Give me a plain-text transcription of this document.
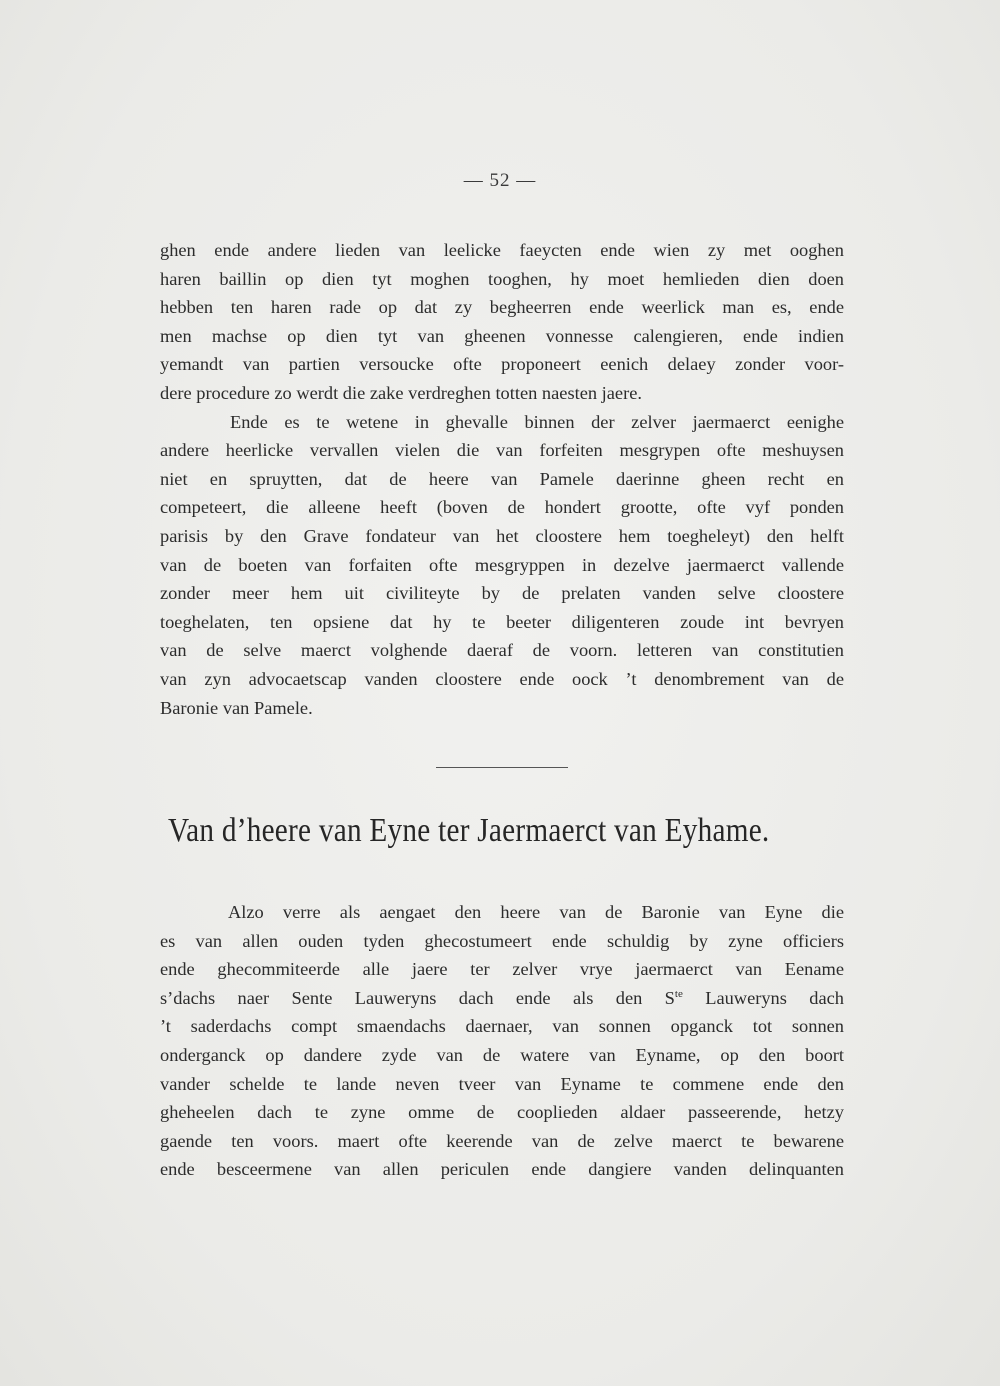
— 52 —
ghen ende andere lieden van leelicke faeycten ende wien zy met ooghen
haren baillin op dien tyt moghen tooghen, hy moet hemlieden dien doen
hebben ten haren rade op dat zy begheerren ende weerlick man es, ende
men machse op dien tyt van gheenen vonnesse calengieren, ende indien
yemandt van partien versoucke ofte proponeert eenich delaey zonder voor-
dere procedure zo werdt die zake verdreghen totten naesten jaere.
Ende es te wetene in ghevalle binnen der zelver jaermaerct eenighe
andere heerlicke vervallen vielen die van forfeiten mesgrypen ofte meshuysen
niet en spruytten, dat de heere van Pamele daerinne gheen recht en
competeert, die alleene heeft (boven de hondert grootte, ofte vyf ponden
parisis by den Grave fondateur van het cloostere hem toegheleyt) den helft
van de boeten van forfaiten ofte mesgryppen in dezelve jaermaerct vallende
zonder meer hem uit civiliteyte by de prelaten vanden selve cloostere
toeghelaten, ten opsiene dat hy te beeter diligenteren zoude int bevryen
van de selve maerct volghende daeraf de voorn. letteren van constitutien
van zyn advocaetscap vanden cloostere ende oock ’t denombrement van de
Baronie van Pamele.
Van d’heere van Eyne ter Jaermaerct van Eyhame.
Alzo verre als aengaet den heere van de Baronie van Eyne die
es van allen ouden tyden ghecostumeert ende schuldig by zyne officiers
ende ghecommiteerde alle jaere ter zelver vrye jaermaerct van Eename
s’dachs naer Sente Lauweryns dach ende als den $S^{te}$ Lauweryns dach
’t saderdachs compt smaendachs daernaer, van sonnen opganck tot sonnen
onderganck op dandere zyde van de watere van Eyname, op den boort
vander schelde te lande neven tveer van Eyname te commene ende den
gheheelen dach te zyne omme de cooplieden aldaer passeerende, hetzy
gaende ten voors. maert ofte keerende van de zelve maerct te bewarene
ende besceermene van allen periculen ende dangiere vanden delinquanten
